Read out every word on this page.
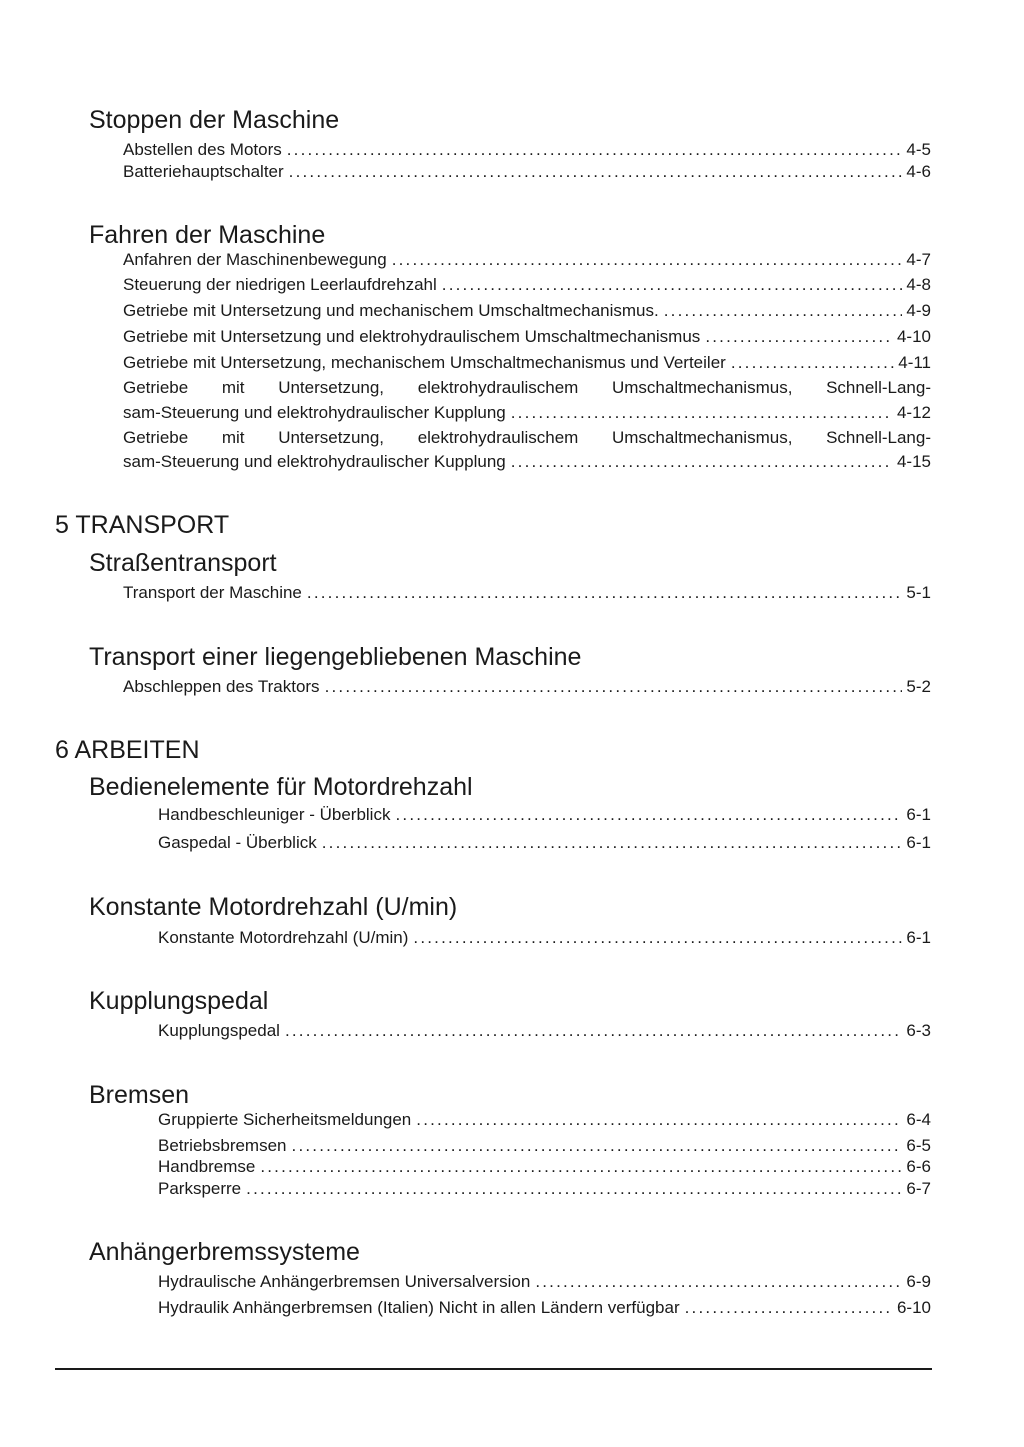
Stoppen der Maschine
Abstellen des Motors .....	4-5
Batteriehauptschalter .....	4-6
Fahren der Maschine
Anfahren der Maschinenbewegung .....	4-7
Steuerung der niedrigen Leerlaufdrehzahl .....	4-8
Getriebe mit Untersetzung und mechanischem Umschaltmechanismus. .....	4-9
Getriebe mit Untersetzung und elektrohydraulischem Umschaltmechanismus .....	4-10
Getriebe mit Untersetzung, mechanischem Umschaltmechanismus und Verteiler .....	4-11
Getriebe mit Untersetzung, elektrohydraulischem Umschaltmechanismus, Schnell-Lang-
sam-Steuerung und elektrohydraulischer Kupplung .....	4-12
Getriebe mit Untersetzung, elektrohydraulischem Umschaltmechanismus, Schnell-Lang-
sam-Steuerung und elektrohydraulischer Kupplung .....	4-15
5 TRANSPORT
Straßentransport
Transport der Maschine .....	5-1
Transport einer liegengebliebenen Maschine
Abschleppen des Traktors .....	5-2
6 ARBEITEN
Bedienelemente für Motordrehzahl
Handbeschleuniger - Überblick .....	6-1
Gaspedal - Überblick .....	6-1
Konstante Motordrehzahl (U/min)
Konstante Motordrehzahl (U/min) .....	6-1
Kupplungspedal
Kupplungspedal .....	6-3
Bremsen
Gruppierte Sicherheitsmeldungen .....	6-4
Betriebsbremsen .....	6-5
Handbremse .....	6-6
Parksperre .....	6-7
Anhängerbremssysteme
Hydraulische Anhängerbremsen Universalversion .....	6-9
Hydraulik Anhängerbremsen (Italien) Nicht in allen Ländern verfügbar .....	6-10
